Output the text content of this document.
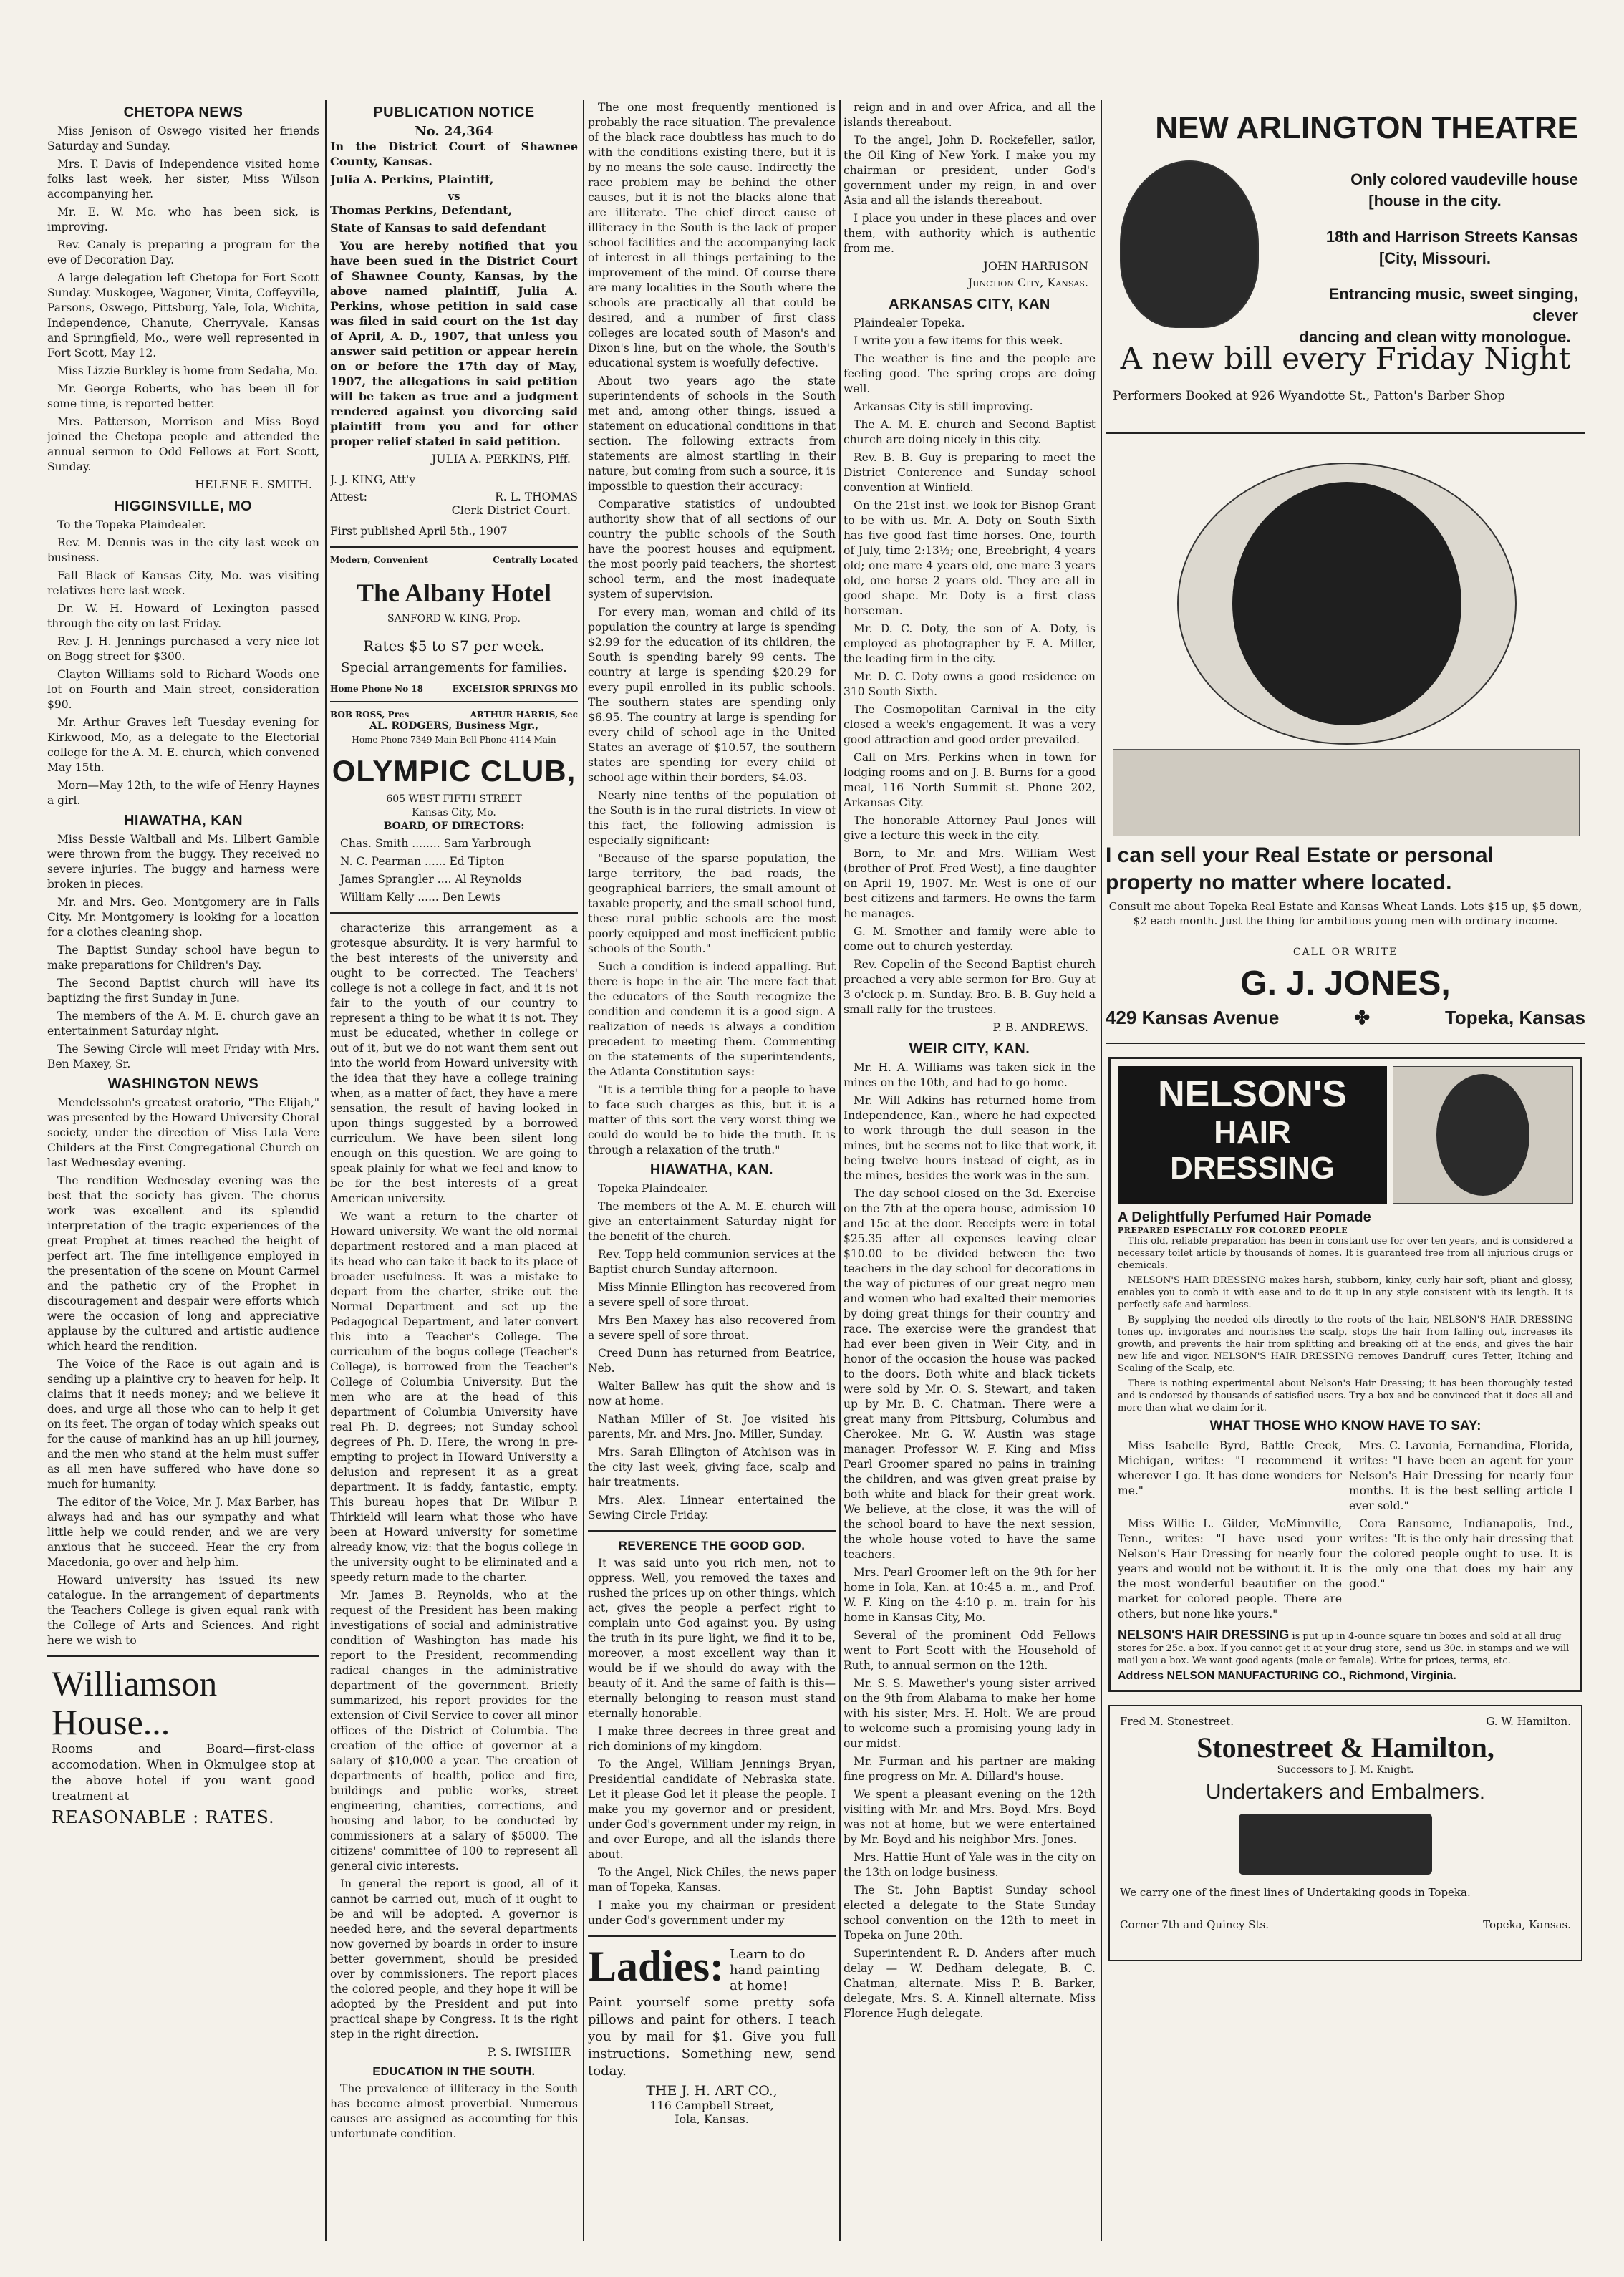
CHETOPA NEWS
Miss Jenison of Oswego visited her friends Saturday and Sunday.
Mrs. T. Davis of Independence visited home folks last week, her sister, Miss Wilson accompanying her.
Mr. E. W. Mc. who has been sick, is improving.
Rev. Canaly is preparing a program for the eve of Decoration Day.
A large delegation left Chetopa for Fort Scott Sunday. Muskogee, Wagoner, Vinita, Coffeyville, Parsons, Oswego, Pittsburg, Yale, Iola, Wichita, Independence, Chanute, Cherryvale, Kansas and Springfield, Mo., were well represented in Fort Scott, May 12.
Miss Lizzie Burkley is home from Sedalia, Mo.
Mr. George Roberts, who has been ill for some time, is reported better.
Mrs. Patterson, Morrison and Miss Boyd joined the Chetopa people and attended the annual sermon to Odd Fellows at Fort Scott, Sunday.
HELENE E. SMITH.
HIGGINSVILLE, MO
To the Topeka Plaindealer.
Rev. M. Dennis was in the city last week on business.
Fall Black of Kansas City, Mo. was visiting relatives here last week.
Dr. W. H. Howard of Lexington passed through the city on last Friday.
Rev. J. H. Jennings purchased a very nice lot on Bogg street for $300.
Clayton Williams sold to Richard Woods one lot on Fourth and Main street, consideration $90.
Mr. Arthur Graves left Tuesday evening for Kirkwood, Mo, as a delegate to the Electorial college for the A. M. E. church, which convened May 15th.
Morn—May 12th, to the wife of Henry Haynes a girl.
HIAWATHA, KAN
Miss Bessie Waltball and Ms. Lilbert Gamble were thrown from the buggy. They received no severe injuries. The buggy and harness were broken in pieces.
Mr. and Mrs. Geo. Montgomery are in Falls City. Mr. Montgomery is looking for a location for a clothes cleaning shop.
The Baptist Sunday school have begun to make preparations for Children's Day.
The Second Baptist church will have its baptizing the first Sunday in June.
The members of the A. M. E. church gave an entertainment Saturday night.
The Sewing Circle will meet Friday with Mrs. Ben Maxey, Sr.
WASHINGTON NEWS
Mendelssohn's greatest oratorio, "The Elijah," was presented by the Howard University Choral society, under the direction of Miss Lula Vere Childers at the First Congregational Church on last Wednesday evening.
The rendition Wednesday evening was the best that the society has given. The chorus work was excellent and its splendid interpretation of the tragic experiences of the great Prophet at times reached the height of perfect art. The fine intelligence employed in the presentation of the scene on Mount Carmel and the pathetic cry of the Prophet in discouragement and despair were efforts which were the occasion of long and appreciative applause by the cultured and artistic audience which heard the rendition.
The Voice of the Race is out again and is sending up a plaintive cry to heaven for help. It claims that it needs money; and we believe it does, and urge all those who can to help it get on its feet. The organ of today which speaks out for the cause of mankind has an up hill journey, and the men who stand at the helm must suffer as all men have suffered who have done so much for humanity.
The editor of the Voice, Mr. J. Max Barber, has always had and has our sympathy and what little help we could render, and we are very anxious that he succeed. Hear the cry from Macedonia, go over and help him.
Howard university has issued its new catalogue. In the arrangement of departments the Teachers College is given equal rank with the College of Arts and Sciences. And right here we wish to
Williamson
House...
Rooms and Board—first-class accomodation. When in Okmulgee stop at the above hotel if you want good treatment at
REASONABLE : RATES.
PUBLICATION NOTICE
No. 24,364
In the District Court of Shawnee County, Kansas.
Julia A. Perkins, Plaintiff,
vs
Thomas Perkins, Defendant,
State of Kansas to said defendant
You are hereby notified that you have been sued in the District Court of Shawnee County, Kansas, by the above named plaintiff, Julia A. Perkins, whose petition in said case was filed in said court on the 1st day of April, A. D., 1907, that unless you answer said petition or appear herein on or before the 17th day of May, 1907, the allegations in said petition will be taken as true and a judgment rendered against you divorcing said plaintiff from you and for other proper relief stated in said petition.
JULIA A. PERKINS, Plff.
J. J. KING, Att'y
Attest:	R. L. THOMAS
Clerk District Court.
First published April 5th., 1907
Modern, Convenient	Centrally Located
The Albany Hotel
SANFORD W. KING, Prop.
Rates $5 to $7 per week.
Special arrangements for families.
Home Phone No 18	EXCELSIOR SPRINGS MO
BOB ROSS, Pres	ARTHUR HARRIS, Sec
AL. RODGERS, Business Mgr.,
Home Phone 7349 Main Bell Phone 4114 Main
OLYMPIC CLUB,
605 WEST FIFTH STREET
Kansas City, Mo.
BOARD, OF DIRECTORS:
Chas. Smith ........ Sam Yarbrough
N. C. Pearman ...... Ed Tipton
James Sprangler .... Al Reynolds
William Kelly ...... Ben Lewis
characterize this arrangement as a grotesque absurdity. It is very harmful to the best interests of the university and ought to be corrected. The Teachers' college is not a college in fact, and it is not fair to the youth of our country to represent a thing to be what it is not. They must be educated, whether in college or out of it, but we do not want them sent out into the world from Howard university with the idea that they have a college training when, as a matter of fact, they have a mere sensation, the result of having looked in upon things suggested by a borrowed curriculum. We have been silent long enough on this question. We are going to speak plainly for what we feel and know to be for the best interests of a great American university.
We want a return to the charter of Howard university. We want the old normal department restored and a man placed at its head who can take it back to its place of broader usefulness. It was a mistake to depart from the charter, strike out the Normal Department and set up the Pedagogical Department, and later convert this into a Teacher's College. The curriculum of the bogus college (Teacher's College), is borrowed from the Teacher's College of Columbia University. But the men who are at the head of this department of Columbia University have real Ph. D. degrees; not Sunday school degrees of Ph. D. Here, the wrong in pre-empting to project in Howard University a delusion and represent it as a great department. It is faddy, fantastic, empty. This bureau hopes that Dr. Wilbur P. Thirkield will learn what those who have been at Howard university for sometime already know, viz: that the bogus college in the university ought to be eliminated and a speedy return made to the charter.
Mr. James B. Reynolds, who at the request of the President has been making investigations of social and administrative condition of Washington has made his report to the President, recommending radical changes in the administrative department of the government. Briefly summarized, his report provides for the extension of Civil Service to cover all minor offices of the District of Columbia. The creation of the office of governor at a salary of $10,000 a year. The creation of departments of health, police and fire, buildings and public works, street engineering, charities, corrections, and housing and labor, to be conducted by commissioners at a salary of $5000. The citizens' committee of 100 to represent all general civic interests.
In general the report is good, all of it cannot be carried out, much of it ought to be and will be adopted. A governor is needed here, and the several departments now governed by boards in order to insure better government, should be presided over by commissioners. The report places the colored people, and they hope it will be adopted by the President and put into practical shape by Congress. It is the right step in the right direction.
P. S. IWISHER
EDUCATION IN THE SOUTH.
The prevalence of illiteracy in the South has become almost proverbial. Numerous causes are assigned as accounting for this unfortunate condition.
The one most frequently mentioned is probably the race situation. The prevalence of the black race doubtless has much to do with the conditions existing there, but it is by no means the sole cause. Indirectly the race problem may be behind the other causes, but it is not the blacks alone that are illiterate. The chief direct cause of illiteracy in the South is the lack of proper school facilities and the accompanying lack of interest in all things pertaining to the improvement of the mind. Of course there are many localities in the South where the schools are practically all that could be desired, and a number of first class colleges are located south of Mason's and Dixon's line, but on the whole, the South's educational system is woefully defective.
About two years ago the state superintendents of schools in the South met and, among other things, issued a statement on educational conditions in that section. The following extracts from statements are almost startling in their nature, but coming from such a source, it is impossible to question their accuracy:
Comparative statistics of undoubted authority show that of all sections of our country the public schools of the South have the poorest houses and equipment, the most poorly paid teachers, the shortest school term, and the most inadequate system of supervision.
For every man, woman and child of its population the country at large is spending $2.99 for the education of its children, the South is spending barely 99 cents. The country at large is spending $20.29 for every pupil enrolled in its public schools. The southern states are spending only $6.95. The country at large is spending for every child of school age in the United States an average of $10.57, the southern states are spending for every child of school age within their borders, $4.03.
Nearly nine tenths of the population of the South is in the rural districts. In view of this fact, the following admission is especially significant:
"Because of the sparse population, the large territory, the bad roads, the geographical barriers, the small amount of taxable property, and the small school fund, these rural public schools are the most poorly equipped and most inefficient public schools of the South."
Such a condition is indeed appalling. But there is hope in the air. The mere fact that the educators of the South recognize the condition and condemn it is a good sign. A realization of needs is always a condition precedent to meeting them. Commenting on the statements of the superintendents, the Atlanta Constitution says:
"It is a terrible thing for a people to have to face such charges as this, but it is a matter of this sort the very worst thing we could do would be to hide the truth. It is through a relaxation of the truth."
HIAWATHA, KAN.
Topeka Plaindealer.
The members of the A. M. E. church will give an entertainment Saturday night for the benefit of the church.
Rev. Topp held communion services at the Baptist church Sunday afternoon.
Miss Minnie Ellington has recovered from a severe spell of sore throat.
Mrs Ben Maxey has also recovered from a severe spell of sore throat.
Creed Dunn has returned from Beatrice, Neb.
Walter Ballew has quit the show and is now at home.
Nathan Miller of St. Joe visited his parents, Mr. and Mrs. Jno. Miller, Sunday.
Mrs. Sarah Ellington of Atchison was in the city last week, giving face, scalp and hair treatments.
Mrs. Alex. Linnear entertained the Sewing Circle Friday.
REVERENCE THE GOOD GOD.
It was said unto you rich men, not to oppress. Well, you removed the taxes and rushed the prices up on other things, which act, gives the people a perfect right to complain unto God against you. By using the truth in its pure light, we find it to be, moreover, a most excellent way than it would be if we should do away with the beauty of it. And the same of faith is this—eternally belonging to reason must stand eternally honorable.
I make three decrees in three great and rich dominions of my kingdom.
To the Angel, William Jennings Bryan, Presidential candidate of Nebraska state. Let it please God let it please the people. I make you my governor and or president, under God's government under my reign, in and over Europe, and all the islands there about.
To the Angel, Nick Chiles, the news paper man of Topeka, Kansas.
I make you my chairman or president under God's government under my
Ladies: Learn to do hand painting at home!
Paint yourself some pretty sofa pillows and paint for others. I teach you by mail for $1. Give you full instructions. Something new, send today.
THE J. H. ART CO.,
116 Campbell Street,
Iola, Kansas.
reign and in and over Africa, and all the islands thereabout.
To the angel, John D. Rockefeller, sailor, the Oil King of New York. I make you my chairman or president, under God's government under my reign, in and over Asia and all the islands thereabout.
I place you under in these places and over them, with authority which is authentic from me.
JOHN HARRISON
Junction City, Kansas.
ARKANSAS CITY, KAN
Plaindealer Topeka.
I write you a few items for this week.
The weather is fine and the people are feeling good. The spring crops are doing well.
Arkansas City is still improving.
The A. M. E. church and Second Baptist church are doing nicely in this city.
Rev. B. B. Guy is preparing to meet the District Conference and Sunday school convention at Winfield.
On the 21st inst. we look for Bishop Grant to be with us. Mr. A. Doty on South Sixth has five good fast time horses. One, fourth of July, time 2:13½; one, Breebright, 4 years old; one mare 4 years old, one mare 3 years old, one horse 2 years old. They are all in good shape. Mr. Doty is a first class horseman.
Mr. D. C. Doty, the son of A. Doty, is employed as photographer by F. A. Miller, the leading firm in the city.
Mr. D. C. Doty owns a good residence on 310 South Sixth.
The Cosmopolitan Carnival in the city closed a week's engagement. It was a very good attraction and good order prevailed.
Call on Mrs. Perkins when in town for lodging rooms and on J. B. Burns for a good meal, 116 North Summit st. Phone 202, Arkansas City.
The honorable Attorney Paul Jones will give a lecture this week in the city.
Born, to Mr. and Mrs. William West (brother of Prof. Fred West), a fine daughter on April 19, 1907. Mr. West is one of our best citizens and farmers. He owns the farm he manages.
G. M. Smother and family were able to come out to church yesterday.
Rev. Copelin of the Second Baptist church preached a very able sermon for Bro. Guy at 3 o'clock p. m. Sunday. Bro. B. B. Guy held a small rally for the trustees.
P. B. ANDREWS.
WEIR CITY, KAN.
Mr. H. A. Williams was taken sick in the mines on the 10th, and had to go home.
Mr. Will Adkins has returned home from Independence, Kan., where he had expected to work through the dull season in the mines, but he seems not to like that work, it being twelve hours instead of eight, as in the mines, besides the work was in the sun.
The day school closed on the 3d. Exercise on the 7th at the opera house, admission 10 and 15c at the door. Receipts were in total $25.35 after all expenses leaving clear $10.00 to be divided between the two teachers in the day school for decorations in the way of pictures of our great negro men and women who had exalted their memories by doing great things for their country and race. The exercise were the grandest that had ever been given in Weir City, and in honor of the occasion the house was packed to the doors. Both white and black tickets were sold by Mr. O. S. Stewart, and taken up by Mr. B. C. Chatman. There were a great many from Pittsburg, Columbus and Cherokee. Mr. G. W. Austin was stage manager. Professor W. F. King and Miss Pearl Groomer spared no pains in training the children, and was given great praise by both white and black for their great work. We believe, at the close, it was the will of the school board to have the next session, the whole house voted to have the same teachers.
Mrs. Pearl Groomer left on the 9th for her home in Iola, Kan. at 10:45 a. m., and Prof. W. F. King on the 4:10 p. m. train for his home in Kansas City, Mo.
Several of the prominent Odd Fellows went to Fort Scott with the Household of Ruth, to annual sermon on the 12th.
Mr. S. S. Mawether's young sister arrived on the 9th from Alabama to make her home with his sister, Mrs. H. Holt. We are proud to welcome such a promising young lady in our midst.
Mr. Furman and his partner are making fine progress on Mr. A. Dillard's house.
We spent a pleasant evening on the 12th visiting with Mr. and Mrs. Boyd. Mrs. Boyd was not at home, but we were entertained by Mr. Boyd and his neighbor Mrs. Jones.
Mrs. Hattie Hunt of Yale was in the city on the 13th on lodge business.
The St. John Baptist Sunday school elected a delegate to the State Sunday school convention on the 12th to meet in Topeka on June 20th.
Superintendent R. D. Anders after much delay — W. Dedham delegate, B. C. Chatman, alternate. Miss P. B. Barker, delegate, Mrs. S. A. Kinnell alternate. Miss Florence Hugh delegate.
NEW ARLINGTON THEATRE
Only colored vaudeville house
[house in the city.
18th and Harrison Streets Kansas
[City, Missouri.
Entrancing music, sweet singing, clever
dancing and clean witty monologue.
A new bill every Friday Night
Performers Booked at 926 Wyandotte St., Patton's Barber Shop
I can sell your Real Estate or personal
property no matter where located.
Consult me about Topeka Real Estate and Kansas Wheat Lands. Lots $15 up, $5 down, $2 each month. Just the thing for ambitious young men with ordinary income.
CALL OR WRITE
G. J. JONES,
429 Kansas Avenue	✤	Topeka, Kansas
NELSON'S
HAIR
DRESSING
A Delightfully Perfumed Hair Pomade
PREPARED ESPECIALLY FOR COLORED PEOPLE
This old, reliable preparation has been in constant use for over ten years, and is considered a necessary toilet article by thousands of homes. It is guaranteed free from all injurious drugs or chemicals.
NELSON'S HAIR DRESSING makes harsh, stubborn, kinky, curly hair soft, pliant and glossy, enables you to comb it with ease and to do it up in any style consistent with its length. It is perfectly safe and harmless.
By supplying the needed oils directly to the roots of the hair, NELSON'S HAIR DRESSING tones up, invigorates and nourishes the scalp, stops the hair from falling out, increases its growth, and prevents the hair from splitting and breaking off at the ends, and gives the hair new life and vigor. NELSON'S HAIR DRESSING removes Dandruff, cures Tetter, Itching and Scaling of the Scalp, etc.
There is nothing experimental about Nelson's Hair Dressing; it has been thoroughly tested and is endorsed by thousands of satisfied users. Try a box and be convinced that it does all and more than what we claim for it.
WHAT THOSE WHO KNOW HAVE TO SAY:
Miss Isabelle Byrd, Battle Creek, Michigan, writes: "I recommend it wherever I go. It has done wonders for me."
Mrs. C. Lavonia, Fernandina, Florida, writes: "I have been an agent for your Nelson's Hair Dressing for nearly four months. It is the best selling article I ever sold."
Miss Willie L. Gilder, McMinnville, Tenn., writes: "I have used your Nelson's Hair Dressing for nearly four years and would not be without it. It is the most wonderful beautifier on the market for colored people. There are others, but none like yours."
Cora Ransome, Indianapolis, Ind., writes: "It is the only hair dressing that the colored people ought to use. It is the only one that does my hair any good."
NELSON'S HAIR DRESSING is put up in 4-ounce square tin boxes and sold at all drug stores for 25c. a box. If you cannot get it at your drug store, send us 30c. in stamps and we will mail you a box. We want good agents (male or female). Write for prices, terms, etc.
Address NELSON MANUFACTURING CO., Richmond, Virginia.
Fred M. Stonestreet.	G. W. Hamilton.
Stonestreet & Hamilton,
Successors to J. M. Knight.
Undertakers and Embalmers.
We carry one of the finest lines of Undertaking goods in Topeka.
Corner 7th and Quincy Sts.	Topeka, Kansas.
